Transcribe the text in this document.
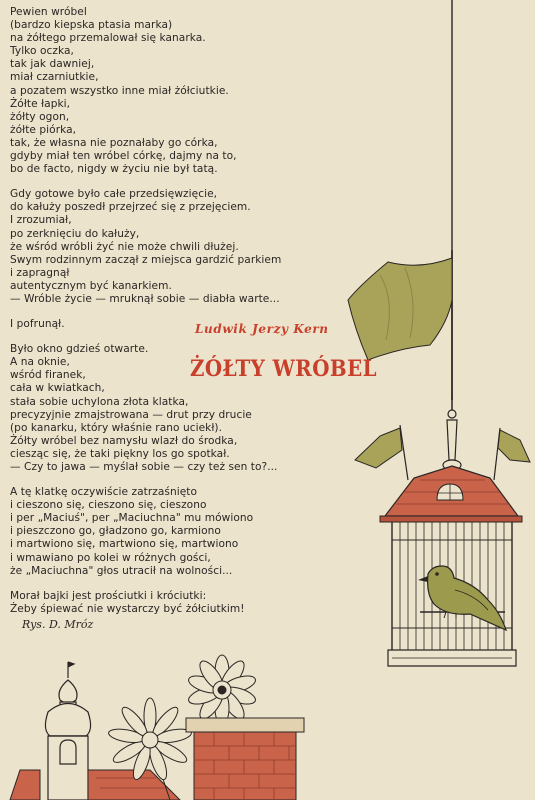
Pewien wróbel
(bardzo kiepska ptasia marka)
na żółtego przemalował się kanarka.
Tylko oczka,
tak jak dawniej,
miał czarniutkie,
a pozatem wszystko inne miał żółciutkie.
Żółte łapki,
żółty ogon,
żółte piórka,
tak, że własna nie poznałaby go córka,
gdyby miał ten wróbel córkę, dajmy na to,
bo de facto, nigdy w życiu nie był tatą.
Gdy gotowe było całe przedsięwzięcie,
do kałuży poszedł przejrzeć się z przejęciem.
I zrozumiał,
po zerknięciu do kałuży,
że wśród wróbli żyć nie może chwili dłużej.
Swym rodzinnym zaczął z miejsca gardzić parkiem
i zapragnął
autentycznym być kanarkiem.
— Wróble życie — mruknął sobie — diabła warte...
I pofrunął.
Było okno gdzieś otwarte.
A na oknie,
wśród firanek,
cała w kwiatkach,
stała sobie uchylona złota klatka,
precyzyjnie zmajstrowana — drut przy drucie
(po kanarku, który właśnie rano uciekł).
Żółty wróbel bez namysłu wlazł do środka,
ciesząc się, że taki piękny los go spotkał.
— Czy to jawa — myślał sobie — czy też sen to?...
A tę klatkę oczywiście zatrzaśnięto
i cieszono się, cieszono się, cieszono
i per „Maciuś", per „Maciuchna" mu mówiono
i pieszczono go, gładzono go, karmiono
i martwiono się, martwiono się, martwiono
i wmawiano po kolei w różnych gości,
że „Maciuchna" głos utracił na wolności...
Morał bajki jest prościutki i króciutki:
Żeby śpiewać nie wystarczy być żółciutkim!
Ludwik Jerzy Kern
ŻÓŁTY WRÓBEL
Rys. D. Mróz
